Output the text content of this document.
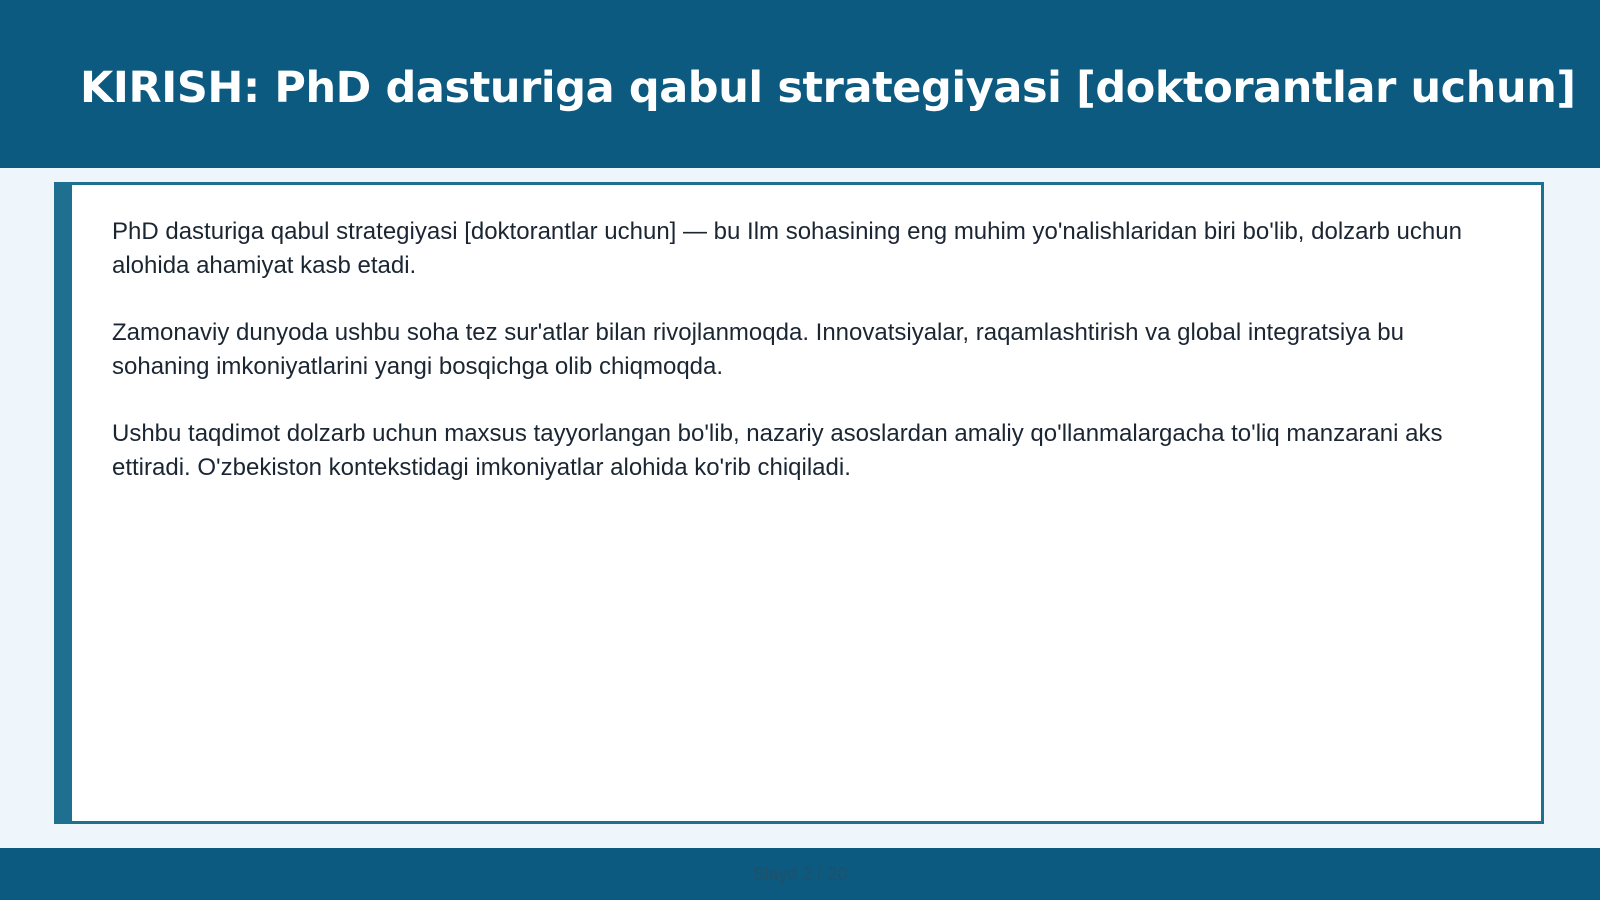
KIRISH: PhD dasturiga qabul strategiyasi [doktorantlar uchun]

PhD dasturiga qabul strategiyasi [doktorantlar uchun] — bu Ilm sohasining eng muhim yo'nalishlaridan biri bo'lib, dolzarb uchun alohida ahamiyat kasb etadi.

Zamonaviy dunyoda ushbu soha tez sur'atlar bilan rivojlanmoqda. Innovatsiyalar, raqamlashtirish va global integratsiya bu sohaning imkoniyatlarini yangi bosqichga olib chiqmoqda.

Ushbu taqdimot dolzarb uchun maxsus tayyorlangan bo'lib, nazariy asoslardan amaliy qo'llanmalargacha to'liq manzarani aks ettiradi. O'zbekiston kontekstidagi imkoniyatlar alohida ko'rib chiqiladi.

Slayd 2 / 20
